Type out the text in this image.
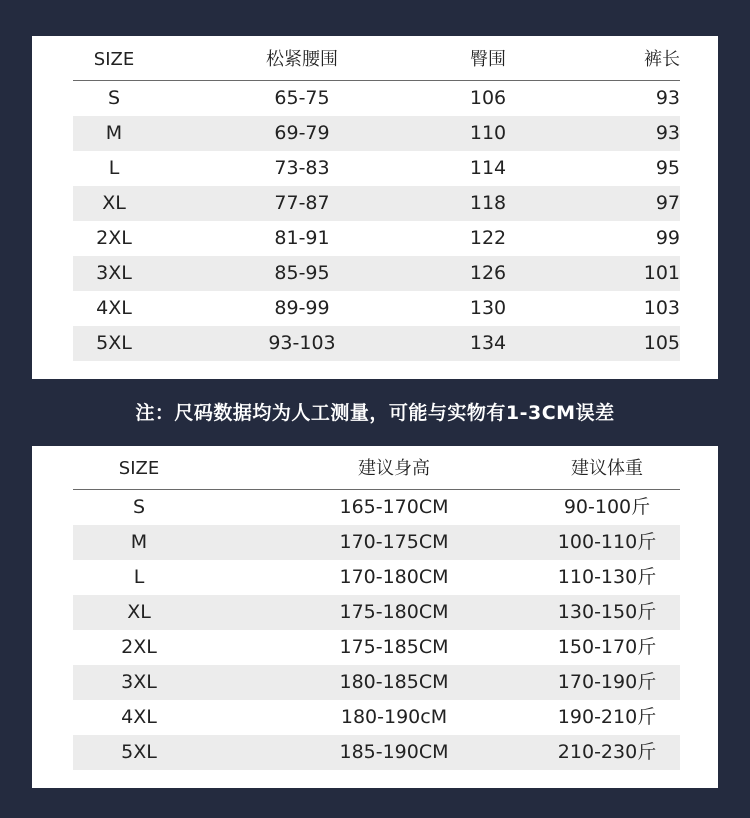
SIZE	松紧腰围	臀围	裤长
S	65-75	106	93
M	69-79	110	93
L	73-83	114	95
XL	77-87	118	97
2XL	81-91	122	99
3XL	85-95	126	101
4XL	89-99	130	103
5XL	93-103	134	105
注：尺码数据均为人工测量，可能与实物有1-3CM误差
SIZE	建议身高	建议体重
S	165-170CM	90-100斤
M	170-175CM	100-110斤
L	170-180CM	110-130斤
XL	175-180CM	130-150斤
2XL	175-185CM	150-170斤
3XL	180-185CM	170-190斤
4XL	180-190cM	190-210斤
5XL	185-190CM	210-230斤
